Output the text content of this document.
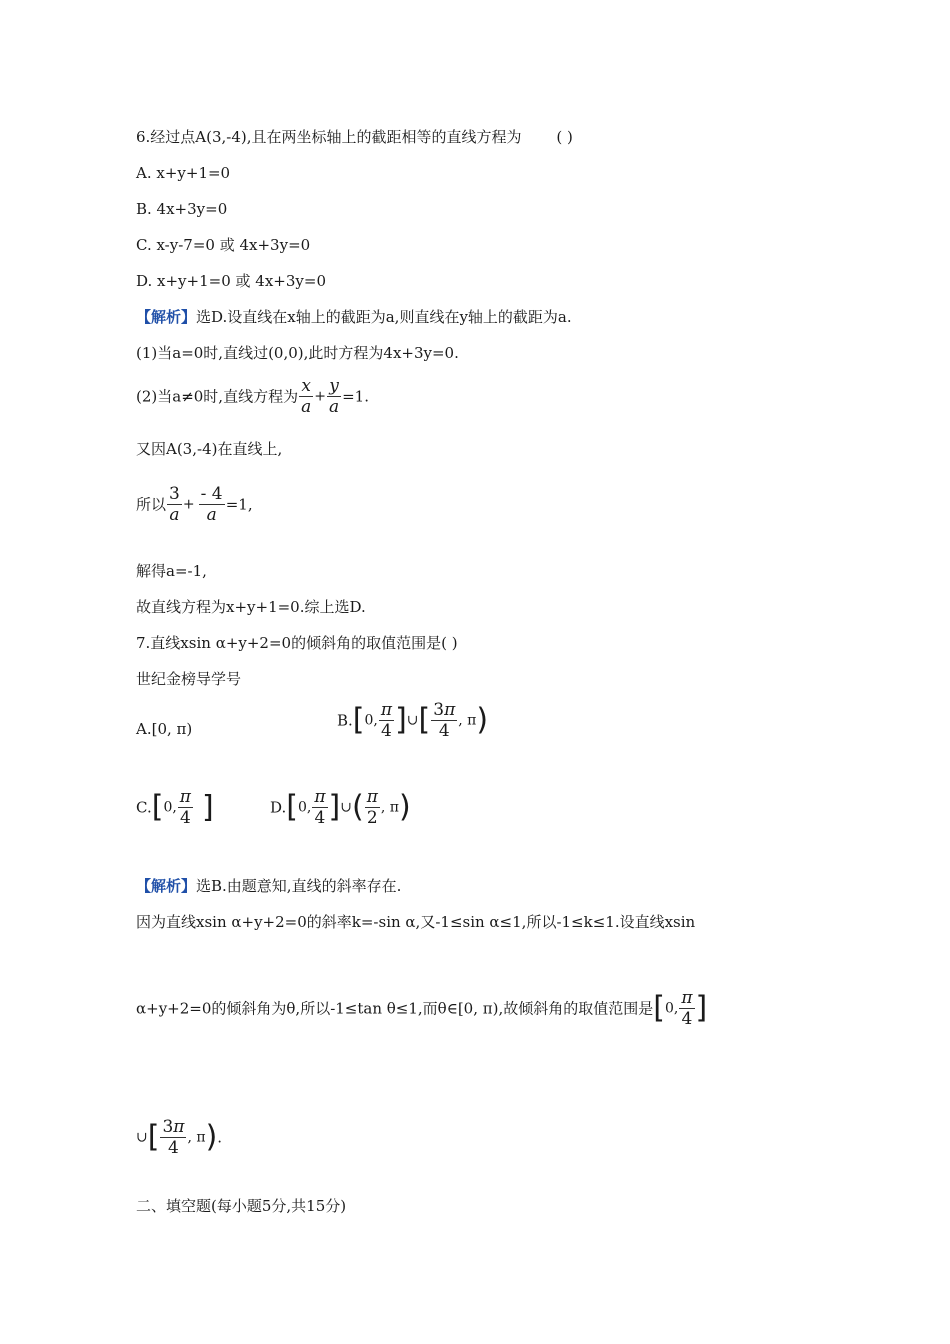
6.经过点A(3,-4),且在两坐标轴上的截距相等的直线方程为 ( )
A. x+y+1=0
B. 4x+3y=0
C. x-y-7=0 或 4x+3y=0
D. x+y+1=0 或 4x+3y=0
【解析】选D.设直线在x轴上的截距为a,则直线在y轴上的截距为a.
(1)当a=0时,直线过(0,0),此时方程为4x+3y=0.
(2)当a≠0时,直线方程为 $\frac{x}{a} + \frac{y}{a} =1$.
又因A(3,-4)在直线上,
所以 $\frac{3}{a} + \frac{- 4}{a} =1$,
解得a=-1,
故直线方程为x+y+1=0.综上选D.
7.直线xsin α+y+2=0的倾斜角的取值范围是( )
世纪金榜导学号
A.[0, π)	B.[0, $\frac{\pi}{4}$ ]∪[ $\frac{3\pi}{4}$ , π)
C.[0, $\frac{\pi}{4}$ ]	D.[0, $\frac{\pi}{4}$ ]∪( $\frac{\pi}{2}$ , π)
【解析】选B.由题意知,直线的斜率存在.
因为直线xsin α+y+2=0的斜率k=-sin α,又-1≤sin α≤1,所以-1≤k≤1.设直线xsin
α+y+2=0的倾斜角为θ,所以-1≤tan θ≤1,而θ∈[0, π),故倾斜角的取值范围是[0, $\frac{\pi}{4}$ ]
∪[ $\frac{3\pi}{4}$ , π).
二、填空题(每小题5分,共15分)
